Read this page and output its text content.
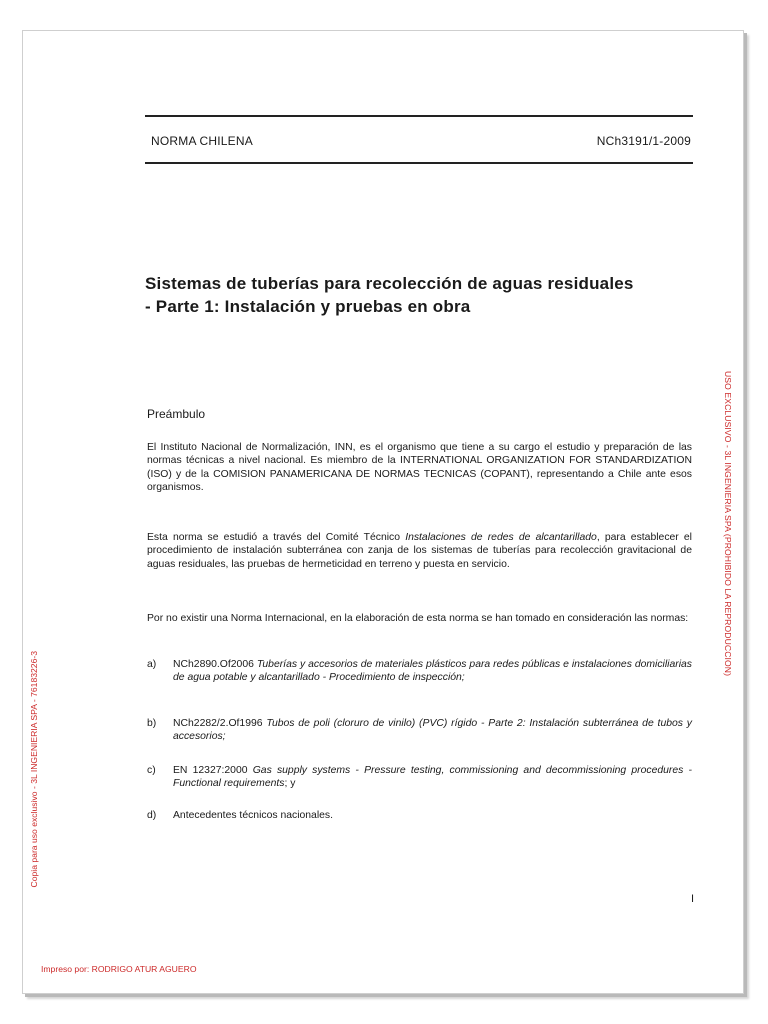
NORMA CHILENA	NCh3191/1-2009
Sistemas de tuberías para recolección de aguas residuales
- Parte 1: Instalación y pruebas en obra
Preámbulo
El Instituto Nacional de Normalización, INN, es el organismo que tiene a su cargo el estudio y preparación de las normas técnicas a nivel nacional. Es miembro de la INTERNATIONAL ORGANIZATION FOR STANDARDIZATION (ISO) y de la COMISION PANAMERICANA DE NORMAS TECNICAS (COPANT), representando a Chile ante esos organismos.
Esta norma se estudió a través del Comité Técnico Instalaciones de redes de alcantarillado, para establecer el procedimiento de instalación subterránea con zanja de los sistemas de tuberías para recolección gravitacional de aguas residuales, las pruebas de hermeticidad en terreno y puesta en servicio.
Por no existir una Norma Internacional, en la elaboración de esta norma se han tomado en consideración las normas:
a) NCh2890.Of2006 Tuberías y accesorios de materiales plásticos para redes públicas e instalaciones domiciliarias de agua potable y alcantarillado - Procedimiento de inspección;
b) NCh2282/2.Of1996 Tubos de poli (cloruro de vinilo) (PVC) rígido - Parte 2: Instalación subterránea de tubos y accesorios;
c) EN 12327:2000 Gas supply systems - Pressure testing, commissioning and decommissioning procedures - Functional requirements; y
d) Antecedentes técnicos nacionales.
I
USO EXCLUSIVO - 3L INGENIERIA SPA (PROHIBIDO LA REPRODUCCION)
Copia para uso exclusivo - 3L INGENIERIA SPA - 76183226-3
Impreso por: RODRIGO ATUR AGUERO
